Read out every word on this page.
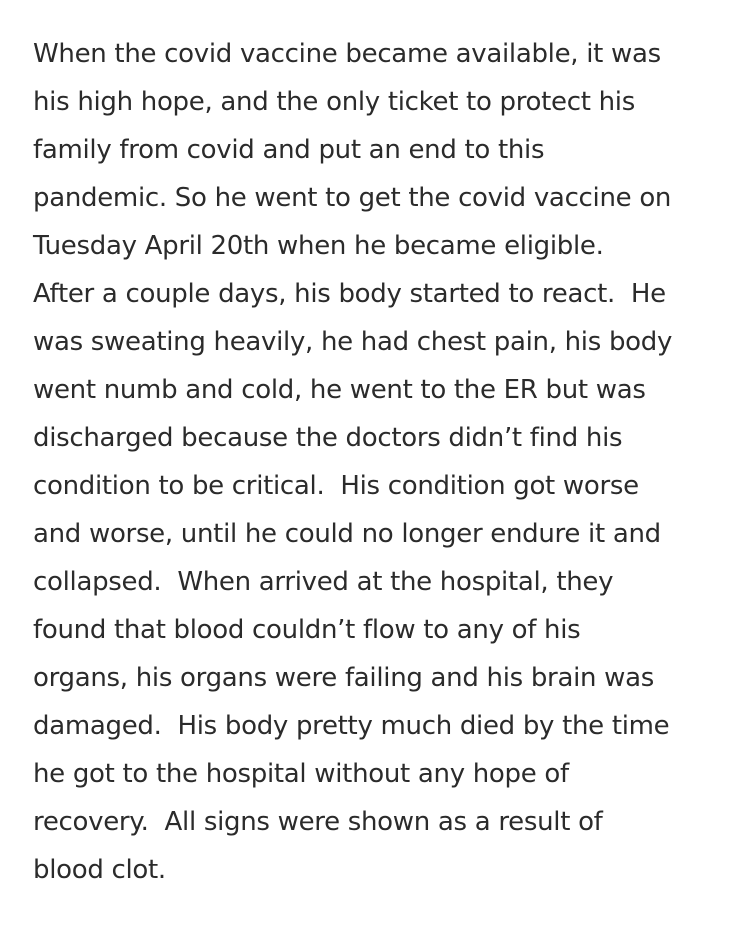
When the covid vaccine became available, it was
his high hope, and the only ticket to protect his
family from covid and put an end to this
pandemic. So he went to get the covid vaccine on
Tuesday April 20th when he became eligible.
After a couple days, his body started to react.  He
was sweating heavily, he had chest pain, his body
went numb and cold, he went to the ER but was
discharged because the doctors didn’t find his
condition to be critical.  His condition got worse
and worse, until he could no longer endure it and
collapsed.  When arrived at the hospital, they
found that blood couldn’t flow to any of his
organs, his organs were failing and his brain was
damaged.  His body pretty much died by the time
he got to the hospital without any hope of
recovery.  All signs were shown as a result of
blood clot.
